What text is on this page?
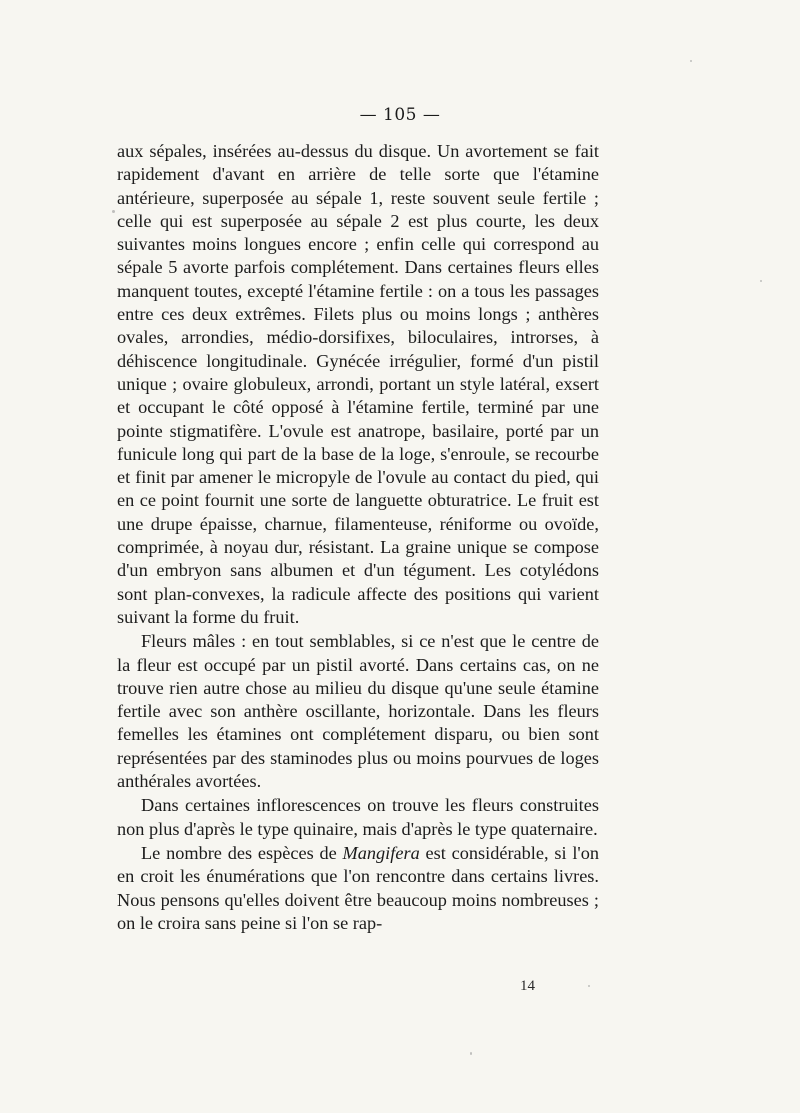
— 105 —

aux sépales, insérées au-dessus du disque. Un avortement se fait rapidement d'avant en arrière de telle sorte que l'étamine antérieure, superposée au sépale 1, reste souvent seule fertile ; celle qui est superposée au sépale 2 est plus courte, les deux suivantes moins longues encore ; enfin celle qui correspond au sépale 5 avorte parfois complétement. Dans certaines fleurs elles manquent toutes, excepté l'étamine fertile : on a tous les passages entre ces deux extrêmes. Filets plus ou moins longs ; anthères ovales, arrondies, médio-dorsifixes, biloculaires, introrses, à déhiscence longitudinale. Gynécée irrégulier, formé d'un pistil unique ; ovaire globuleux, arrondi, portant un style latéral, exsert et occupant le côté opposé à l'étamine fertile, terminé par une pointe stigmatifère. L'ovule est anatrope, basilaire, porté par un funicule long qui part de la base de la loge, s'enroule, se recourbe et finit par amener le micropyle de l'ovule au contact du pied, qui en ce point fournit une sorte de languette obturatrice. Le fruit est une drupe épaisse, charnue, filamenteuse, réniforme ou ovoïde, comprimée, à noyau dur, résistant. La graine unique se compose d'un embryon sans albumen et d'un tégument. Les cotylédons sont plan-convexes, la radicule affecte des positions qui varient suivant la forme du fruit.

Fleurs mâles : en tout semblables, si ce n'est que le centre de la fleur est occupé par un pistil avorté. Dans certains cas, on ne trouve rien autre chose au milieu du disque qu'une seule étamine fertile avec son anthère oscillante, horizontale. Dans les fleurs femelles les étamines ont complétement disparu, ou bien sont représentées par des staminodes plus ou moins pourvues de loges anthérales avortées.

Dans certaines inflorescences on trouve les fleurs construites non plus d'après le type quinaire, mais d'après le type quaternaire.

Le nombre des espèces de Mangifera est considérable, si l'on en croit les énumérations que l'on rencontre dans certains livres. Nous pensons qu'elles doivent être beaucoup moins nombreuses ; on le croira sans peine si l'on se rap-

14
